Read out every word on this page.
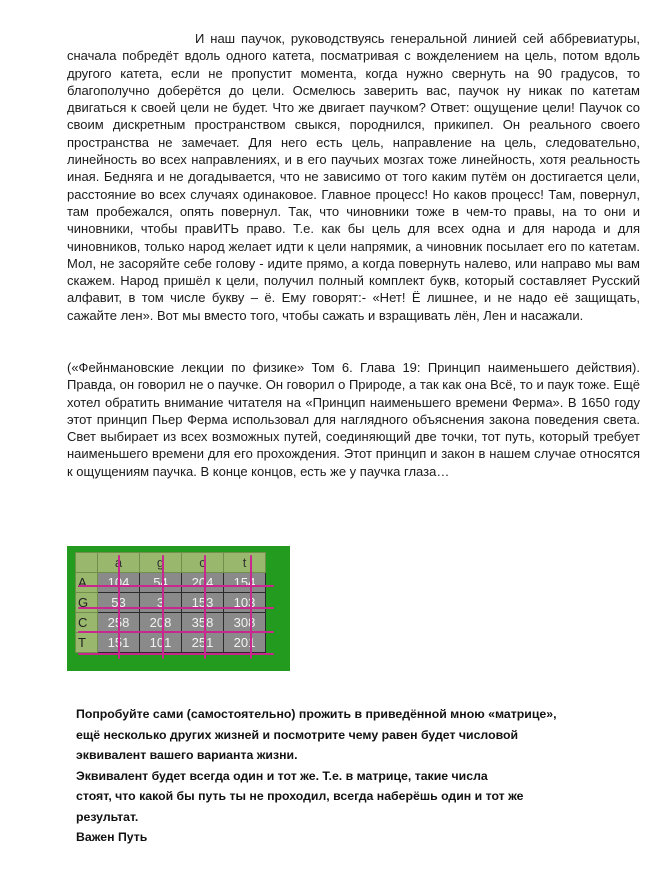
И наш паучок, руководствуясь генеральной линией сей аббревиатуры, сначала побредёт вдоль одного катета, посматривая с вожделением на цель, потом вдоль другого катета, если не пропустит момента, когда нужно свернуть на 90 градусов, то благополучно доберётся до цели. Осмелюсь заверить вас, паучок ну никак по катетам двигаться к своей цели не будет. Что же двигает паучком? Ответ: ощущение цели! Паучок со своим дискретным пространством свыкся, породнился, прикипел. Он реального своего пространства не замечает. Для него есть цель, направление на цель, следовательно, линейность во всех направлениях, и в его паучьих мозгах тоже линейность, хотя реальность иная. Бедняга и не догадывается, что не зависимо от того каким путём он достигается цели, расстояние во всех случаях одинаковое. Главное процесс! Но каков процесс! Там, повернул, там пробежался, опять повернул. Так, что чиновники тоже в чем-то правы, на то они и чиновники, чтобы правИТЬ право. Т.е. как бы цель для всех одна и для народа и для чиновников, только народ желает идти к цели напрямик, а чиновник посылает его по катетам. Мол, не засоряйте себе голову - идите прямо, а когда повернуть налево, или направо мы вам скажем. Народ пришёл к цели, получил полный комплект букв, который составляет Русский алфавит, в том числе букву – ё. Ему говорят:- «Нет! Ё лишнее, и не надо её защищать, сажайте лен». Вот мы вместо того, чтобы сажать и взращивать лён, Лен и насажали.

(«Фейнмановские лекции по физике» Том 6. Глава 19: Принцип наименьшего действия). Правда, он говорил не о паучке. Он говорил о Природе, а так как она Всё, то и паук тоже. Ещё хотел обратить внимание читателя на «Принцип наименьшего времени Ферма». В 1650 году этот принцип Пьер Ферма использовал для наглядного объяснения закона поведения света. Свет выбирает из всех возможных путей, соединяющий две точки, тот путь, который требует наименьшего времени для его прохождения. Этот принцип и закон в нашем случае относятся к ощущениям паучка. В конце концов, есть же у паучка глаза…

	a	g	c	t
A	104	54	204	154
G	53	3	153	103
C	258	208	358	308
T	151	101	251	201
Попробуйте сами (самостоятельно) прожить в приведённой мною «матрице»,
ещё несколько других жизней и посмотрите чему равен будет числовой
эквивалент вашего варианта жизни.
Эквивалент будет всегда один и тот же. Т.е. в матрице, такие числа
стоят, что какой бы путь ты не проходил, всегда наберёшь один и тот же
результат.
Важен Путь
